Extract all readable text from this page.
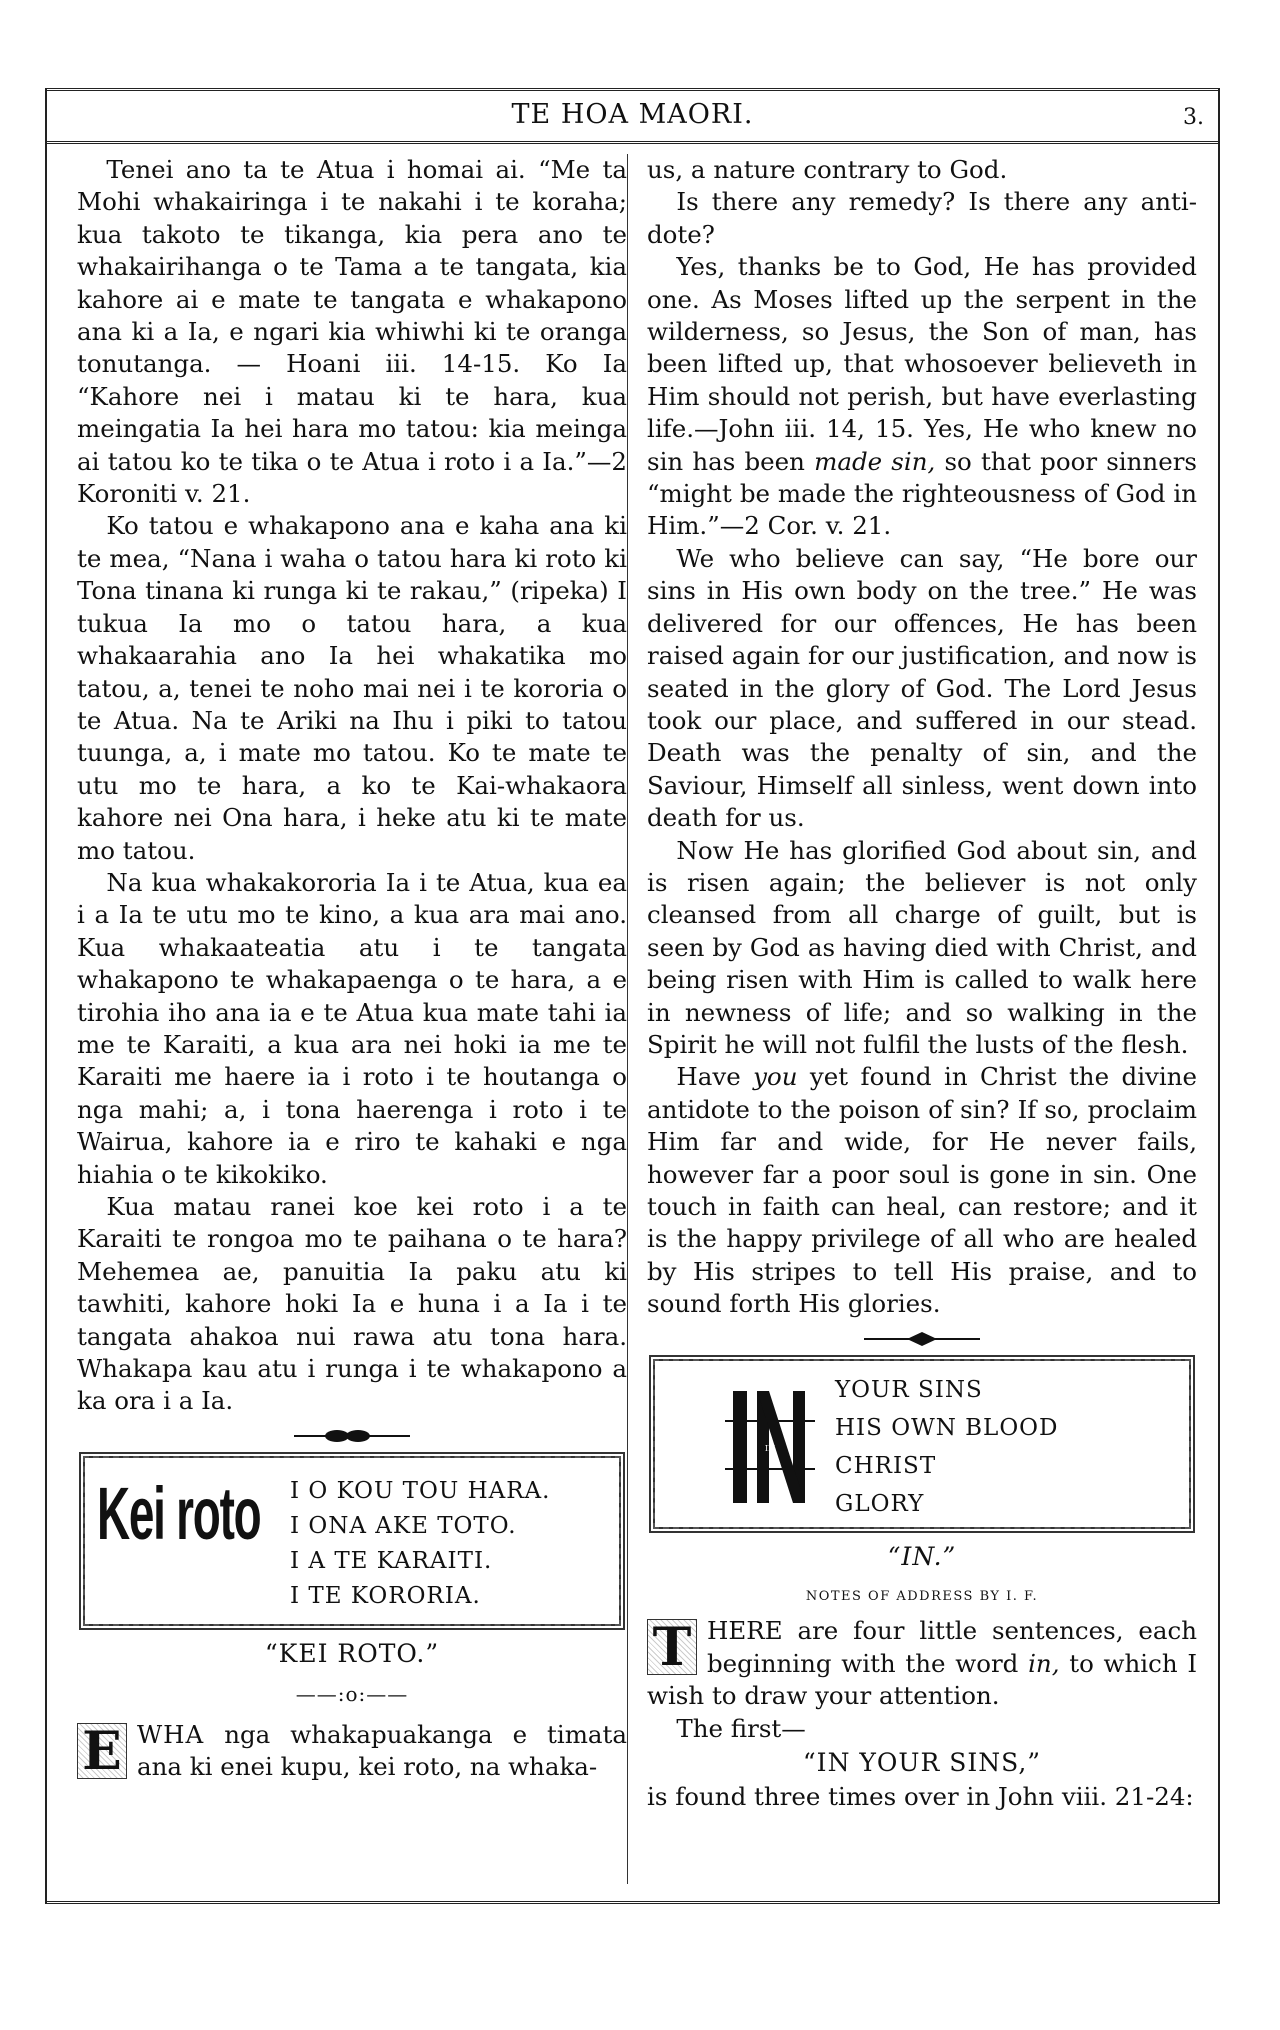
TE HOA MAORI.	3.

Tenei ano ta te Atua i homai ai. “Me ta Mohi whakairinga i te nakahi i te koraha; kua takoto te tikanga, kia pera ano te whakairihanga o te Tama a te tangata, kia kahore ai e mate te tangata e whakapono ana ki a Ia, e ngari kia whiwhi ki te oranga tonutanga. — Hoani iii. 14-15. Ko Ia “Kahore nei i matau ki te hara, kua meingatia Ia hei hara mo tatou: kia meinga ai tatou ko te tika o te Atua i roto i a Ia.”—2 Koroniti v. 21.

Ko tatou e whakapono ana e kaha ana ki te mea, “Nana i waha o tatou hara ki roto ki Tona tinana ki runga ki te rakau,” (ripeka) I tukua Ia mo o tatou hara, a kua whakaarahia ano Ia hei whakatika mo tatou, a, tenei te noho mai nei i te kororia o te Atua. Na te Ariki na Ihu i piki to tatou tuunga, a, i mate mo tatou. Ko te mate te utu mo te hara, a ko te Kai-whakaora kahore nei Ona hara, i heke atu ki te mate mo tatou.

Na kua whakakororia Ia i te Atua, kua ea i a Ia te utu mo te kino, a kua ara mai ano. Kua whakaateatia atu i te tangata whakapono te whakapaenga o te hara, a e tirohia iho ana ia e te Atua kua mate tahi ia me te Karaiti, a kua ara nei hoki ia me te Karaiti me haere ia i roto i te houtanga o nga mahi; a, i tona haerenga i roto i te Wairua, kahore ia e riro te kahaki e nga hiahia o te kikokiko.

Kua matau ranei koe kei roto i a te Karaiti te rongoa mo te paihana o te hara? Mehemea ae, panuitia Ia paku atu ki tawhiti, kahore hoki Ia e huna i a Ia i te tangata ahakoa nui rawa atu tona hara. Whakapa kau atu i runga i te whakapono a ka ora i a Ia.

Kei roto I O KOU TOU HARA.
I ONA AKE TOTO.
I A TE KARAITI.
I TE KORORIA.
“KEI ROTO.”
——:o:——

E WHA nga whakapuakanga e timata ana ki enei kupu, kei roto, na whaka-

us, a nature contrary to God.

Is there any remedy? Is there any antidote?

Yes, thanks be to God, He has provided one. As Moses lifted up the serpent in the wilderness, so Jesus, the Son of man, has been lifted up, that whosoever believeth in Him should not perish, but have everlasting life.—John iii. 14, 15. Yes, He who knew no sin has been made sin, so that poor sinners “might be made the righteousness of God in Him.”—2 Cor. v. 21.

We who believe can say, “He bore our sins in His own body on the tree.” He was delivered for our offences, He has been raised again for our justification, and now is seated in the glory of God. The Lord Jesus took our place, and suffered in our stead. Death was the penalty of sin, and the Saviour, Himself all sinless, went down into death for us.

Now He has glorified God about sin, and is risen again; the believer is not only cleansed from all charge of guilt, but is seen by God as having died with Christ, and being risen with Him is called to walk here in newness of life; and so walking in the Spirit he will not fulfil the lusts of the flesh.

Have you yet found in Christ the divine antidote to the poison of sin? If so, proclaim Him far and wide, for He never fails, however far a poor soul is gone in sin. One touch in faith can heal, can restore; and it is the happy privilege of all who are healed by His stripes to tell His praise, and to sound forth His glories.

IN
YOUR SINS
HIS OWN BLOOD
CHRIST
GLORY
“IN.”
NOTES OF ADDRESS BY I. F.

T HERE are four little sentences, each beginning with the word in, to which I wish to draw your attention.

The first—

“IN YOUR SINS,”

is found three times over in John viii. 21-24:
